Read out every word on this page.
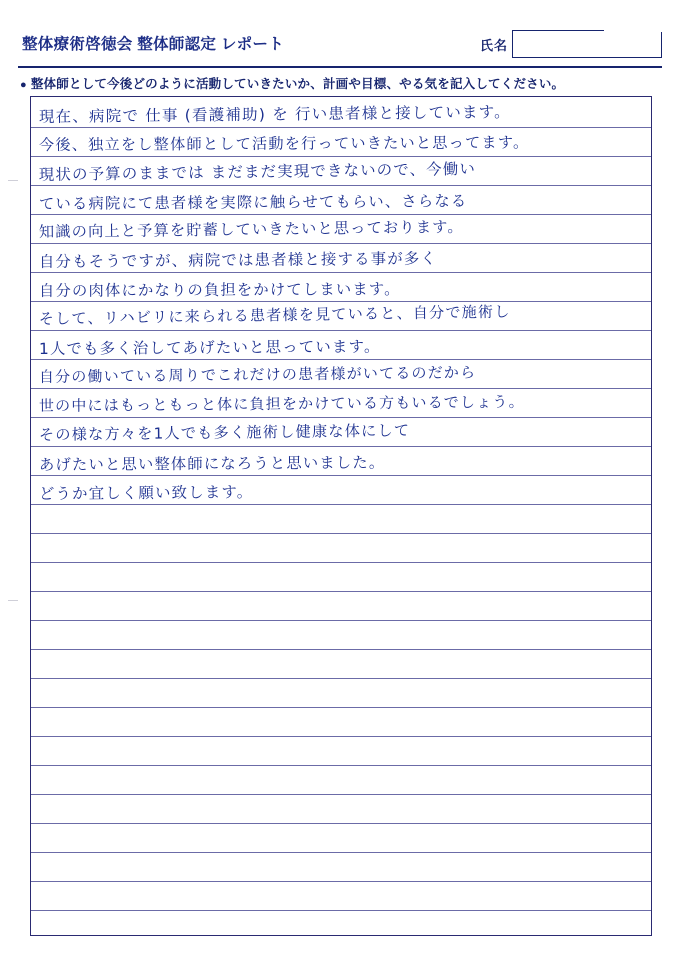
整体療術啓徳会 整体師認定 レポート	氏名
● 整体師として今後どのように活動していきたいか、計画や目標、やる気を記入してください。
現在、病院で 仕事 (看護補助) を 行い患者様と接しています。
今後、独立をし整体師として活動を行っていきたいと思ってます。
現状の予算のままでは まだまだ実現できないので、今働い
ている病院にて患者様を実際に触らせてもらい、さらなる
知識の向上と予算を貯蓄していきたいと思っております。
自分もそうですが、病院では患者様と接する事が多く
自分の肉体にかなりの負担をかけてしまいます。
そして、リハビリに来られる患者様を見ていると、自分で施術し
1人でも多く治してあげたいと思っています。
自分の働いている周りでこれだけの患者様がいてるのだから
世の中にはもっともっと体に負担をかけている方もいるでしょう。
その様な方々を1人でも多く施術し健康な体にして
あげたいと思い整体師になろうと思いました。
どうか宜しく願い致します。
